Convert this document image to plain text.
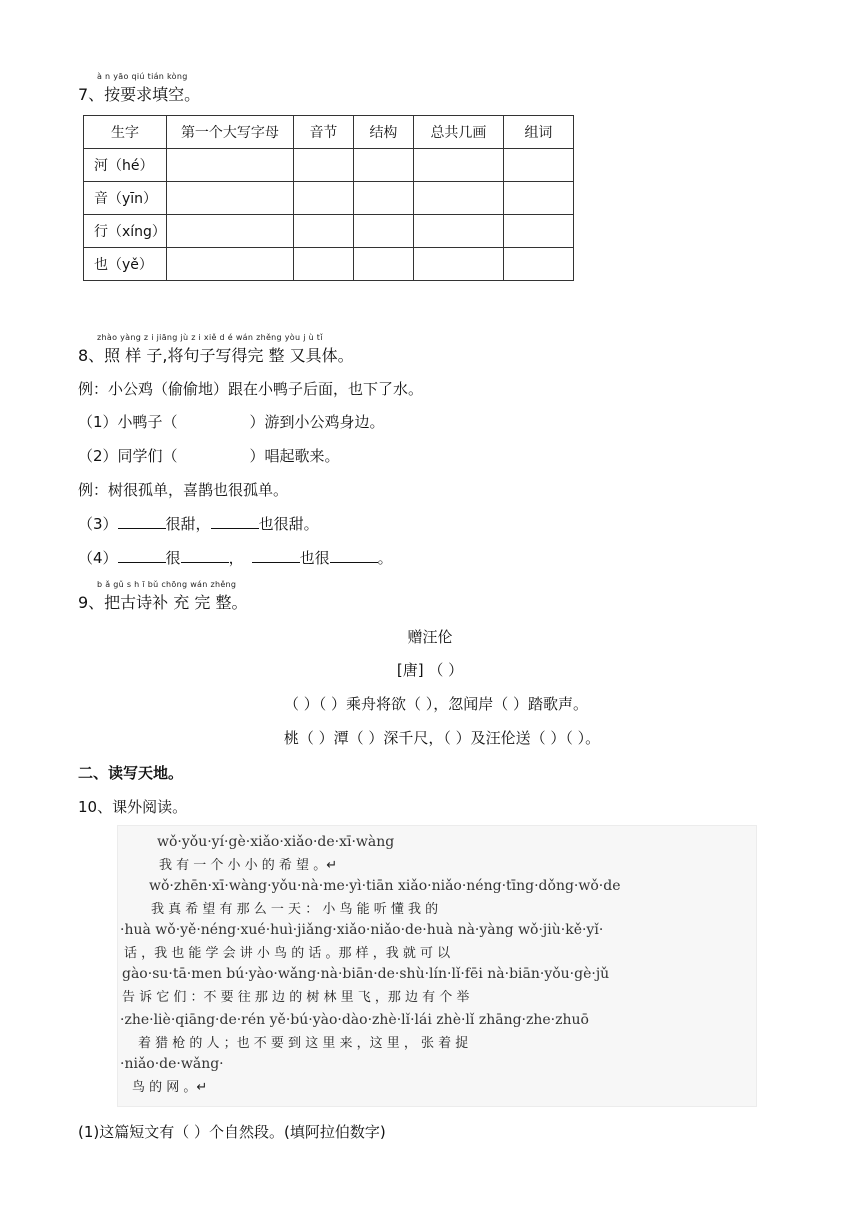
à n yāo qiú tián kòng
7、按要求填空。
生字	第一个大写字母	音节	结构	总共几画	组词
河（hé）					
音（yīn）					
行（xíng）					
也（yě）					
zhào yàng z i jiāng jù z i xiě d é wán zhěng yòu j ù tǐ
8、照 样 子,将句子写得完 整 又具体。
例：小公鸡（偷偷地）跟在小鸭子后面，也下了水。
（1）小鸭子（	）游到小公鸡身边。
（2）同学们（	）唱起歌来。
例：树很孤单，喜鹊也很孤单。
（3）	很甜，	也很甜。
（4）	很	，	也很	。
b ǎ gǔ s h ī bǔ chōng wán zhěng
9、把古诗补 充 完 整。
赠汪伦
[唐] （ ）
（ ）（ ）乘舟将欲（ ），忽闻岸（ ）踏歌声。
桃（ ）潭（ ）深千尺，（ ）及汪伦送（ ）（ ）。
二、读写天地。
10、课外阅读。
wǒ·yǒu·yí·gè·xiǎo·xiǎo·de·xī·wàng
我 有 一 个 小 小 的 希 望 。↵
wǒ·zhēn·xī·wàng·yǒu·nà·me·yì·tiān xiǎo·niǎo·néng·tīng·dǒng·wǒ·de
我 真 希 望 有 那 么 一 天 ： 小 鸟 能 听 懂 我 的
·huà wǒ·yě·néng·xué·huì·jiǎng·xiǎo·niǎo·de·huà nà·yàng wǒ·jiù·kě·yǐ·
话 ，我 也 能 学 会 讲 小 鸟 的 话 。那 样 ，我 就 可 以
gào·su·tā·men bú·yào·wǎng·nà·biān·de·shù·lín·lǐ·fēi nà·biān·yǒu·gè·jǔ
告 诉 它 们 ：不 要 往 那 边 的 树 林 里 飞 ，那 边 有 个 举
·zhe·liè·qiāng·de·rén yě·bú·yào·dào·zhè·lǐ·lái zhè·lǐ zhāng·zhe·zhuō
着 猎 枪 的 人 ；也 不 要 到 这 里 来 ，这 里 ， 张 着 捉
·niǎo·de·wǎng·
鸟 的 网 。↵
(1)这篇短文有（ ）个自然段。(填阿拉伯数字)
